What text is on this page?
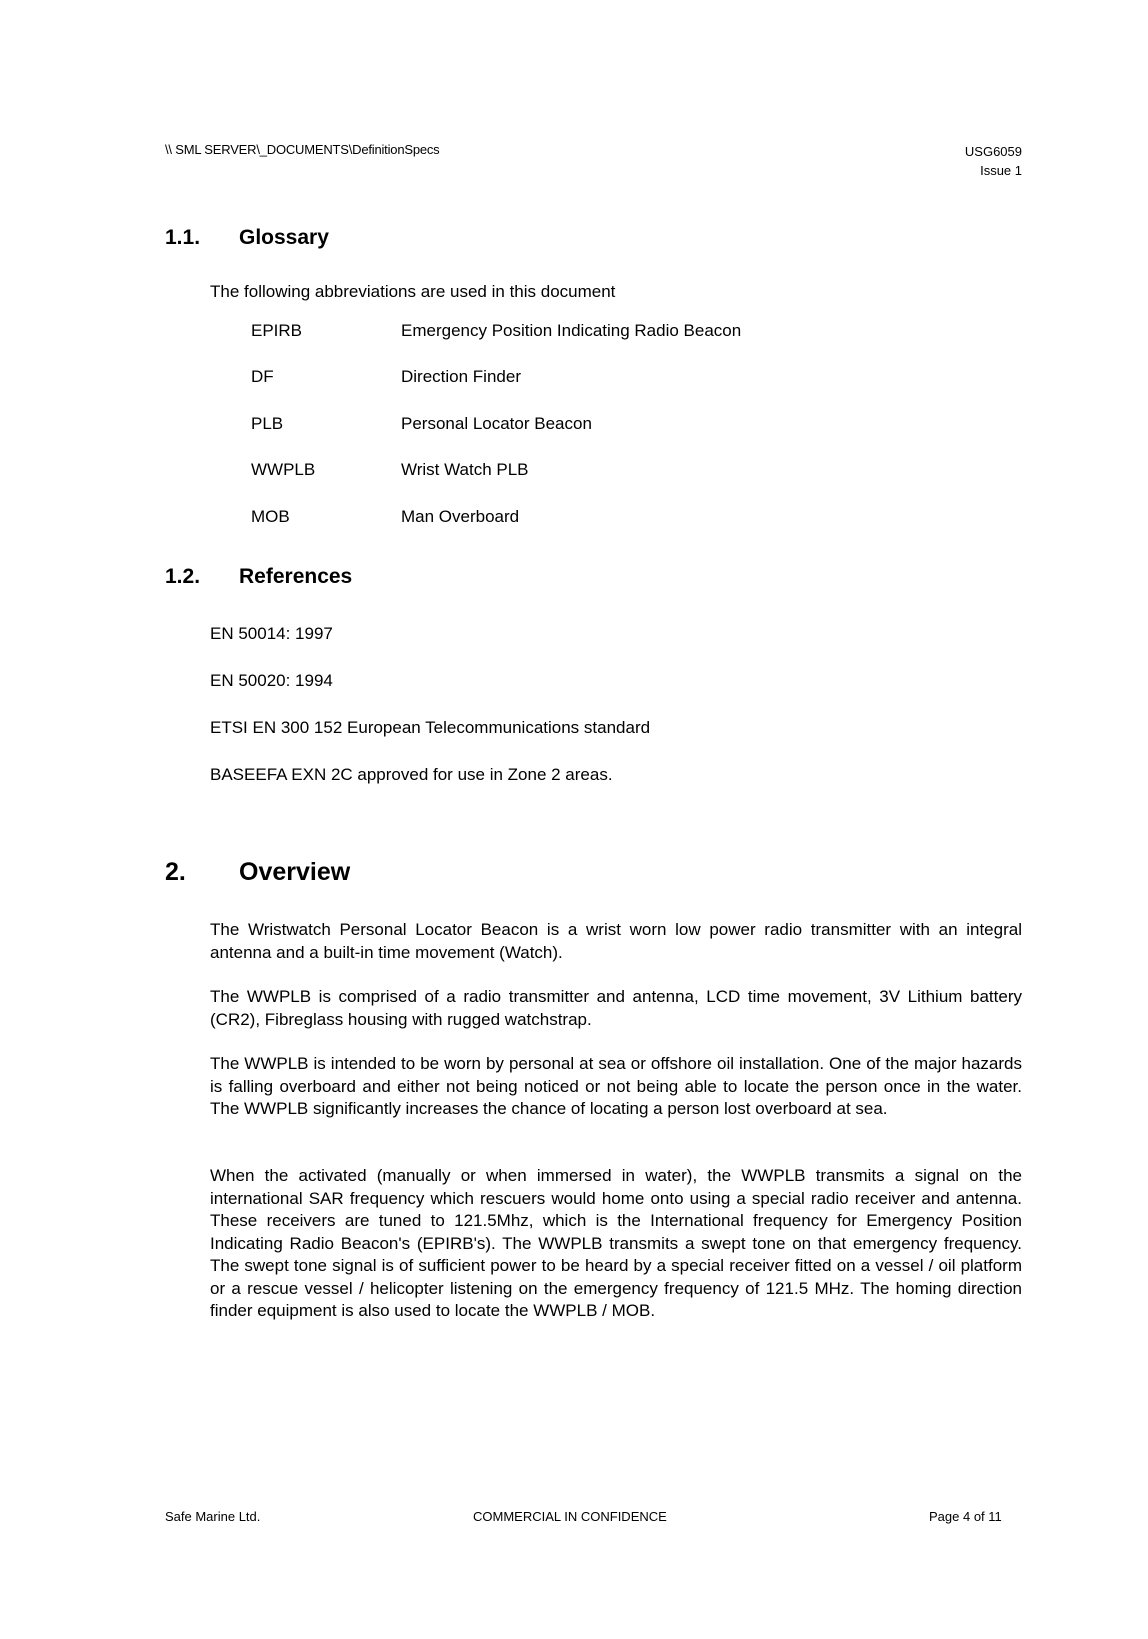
\\ SML SERVER\_DOCUMENTS\DefinitionSpecs	USG6059
Issue 1
1.1. Glossary
The following abbreviations are used in this document
EPIRB	Emergency Position Indicating Radio Beacon
DF	Direction Finder
PLB	Personal Locator Beacon
WWPLB	Wrist Watch PLB
MOB	Man Overboard
1.2. References
EN 50014: 1997
EN 50020: 1994
ETSI EN 300 152 European Telecommunications standard
BASEEFA EXN 2C approved for use in Zone 2 areas.
2. Overview
The Wristwatch Personal Locator Beacon is a wrist worn low power radio transmitter with an integral antenna and a built-in time movement (Watch).
The WWPLB is comprised of a radio transmitter and antenna, LCD time movement, 3V Lithium battery (CR2), Fibreglass housing with rugged watchstrap.
The WWPLB is intended to be worn by personal at sea or offshore oil installation. One of the major hazards is falling overboard and either not being noticed or not being able to locate the person once in the water. The WWPLB significantly increases the chance of locating a person lost overboard at sea.
When the activated (manually or when immersed in water), the WWPLB transmits a signal on the international SAR frequency which rescuers would home onto using a special radio receiver and antenna. These receivers are tuned to 121.5Mhz, which is the International frequency for Emergency Position Indicating Radio Beacon's (EPIRB's). The WWPLB transmits a swept tone on that emergency frequency. The swept tone signal is of sufficient power to be heard by a special receiver fitted on a vessel / oil platform or a rescue vessel / helicopter listening on the emergency frequency of 121.5 MHz. The homing direction finder equipment is also used to locate the WWPLB / MOB.
Safe Marine Ltd.	COMMERCIAL IN CONFIDENCE	Page 4 of 11
